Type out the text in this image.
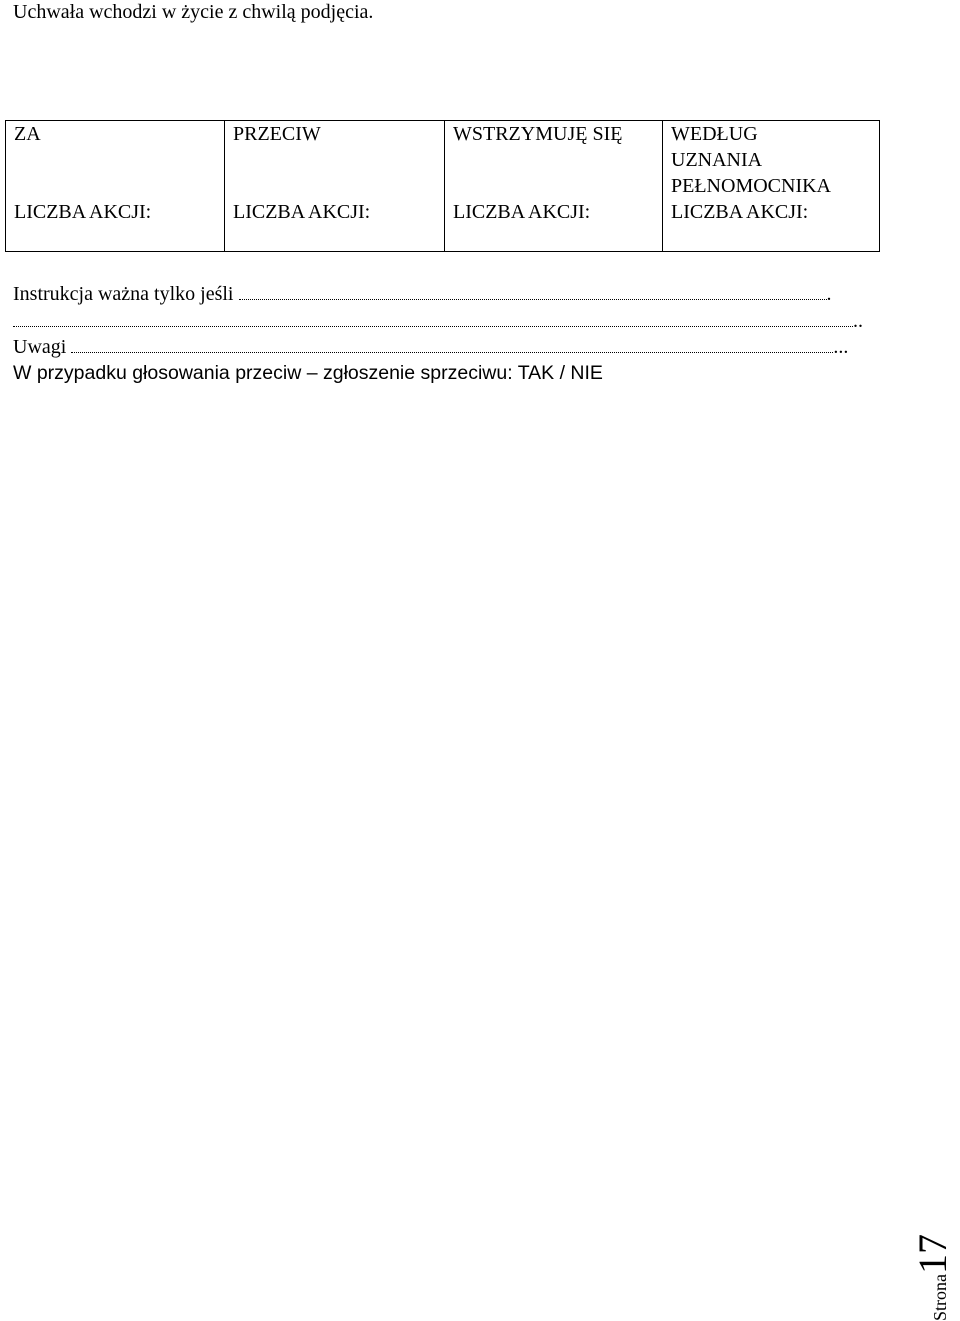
Uchwała wchodzi w życie z chwilą podjęcia.
ZA	PRZECIW	WSTRZYMUJĘ SIĘ	WEDŁUG
UZNANIA
PEŁNOMOCNIKA

LICZBA AKCJI:	LICZBA AKCJI:	LICZBA AKCJI:	LICZBA AKCJI:
Instrukcja ważna tylko jeśli	.
..
Uwagi	...
W przypadku głosowania przeciw – zgłoszenie sprzeciwu: TAK / NIE
Strona17
